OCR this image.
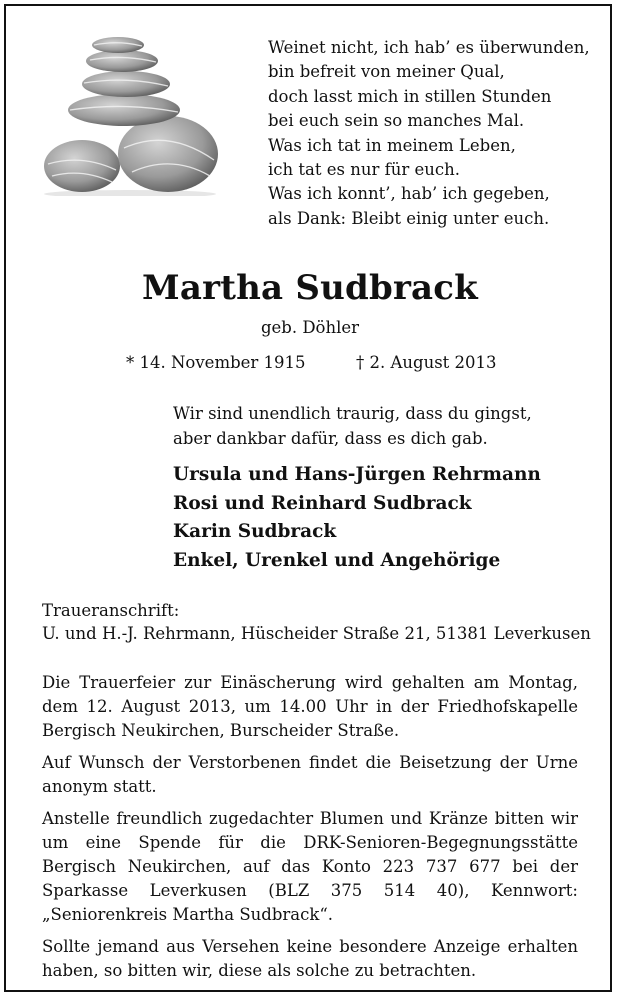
Weinet nicht, ich hab’ es überwunden,
bin befreit von meiner Qual,
doch lasst mich in stillen Stunden
bei euch sein so manches Mal.
Was ich tat in meinem Leben,
ich tat es nur für euch.
Was ich konnt’, hab’ ich gegeben,
als Dank: Bleibt einig unter euch.
Martha Sudbrack
geb. Döhler
* 14. November 1915	† 2. August 2013
Wir sind unendlich traurig, dass du gingst,
aber dankbar dafür, dass es dich gab.
Ursula und Hans-Jürgen Rehrmann
Rosi und Reinhard Sudbrack
Karin Sudbrack
Enkel, Urenkel und Angehörige
Traueranschrift:
U. und H.-J. Rehrmann, Hüscheider Straße 21, 51381 Leverkusen

Die Trauerfeier zur Einäscherung wird gehalten am Montag, dem 12. August 2013, um 14.00 Uhr in der Friedhofskapelle Bergisch Neukirchen, Burscheider Straße.

Auf Wunsch der Verstorbenen findet die Beisetzung der Urne anonym statt.

Anstelle freundlich zugedachter Blumen und Kränze bitten wir um eine Spende für die DRK-Senioren-Begegnungsstätte Bergisch Neukirchen, auf das Konto 223 737 677 bei der Sparkasse Leverkusen (BLZ 375 514 40), Kennwort: „Seniorenkreis Martha Sudbrack“.

Sollte jemand aus Versehen keine besondere Anzeige erhalten haben, so bitten wir, diese als solche zu betrachten.
